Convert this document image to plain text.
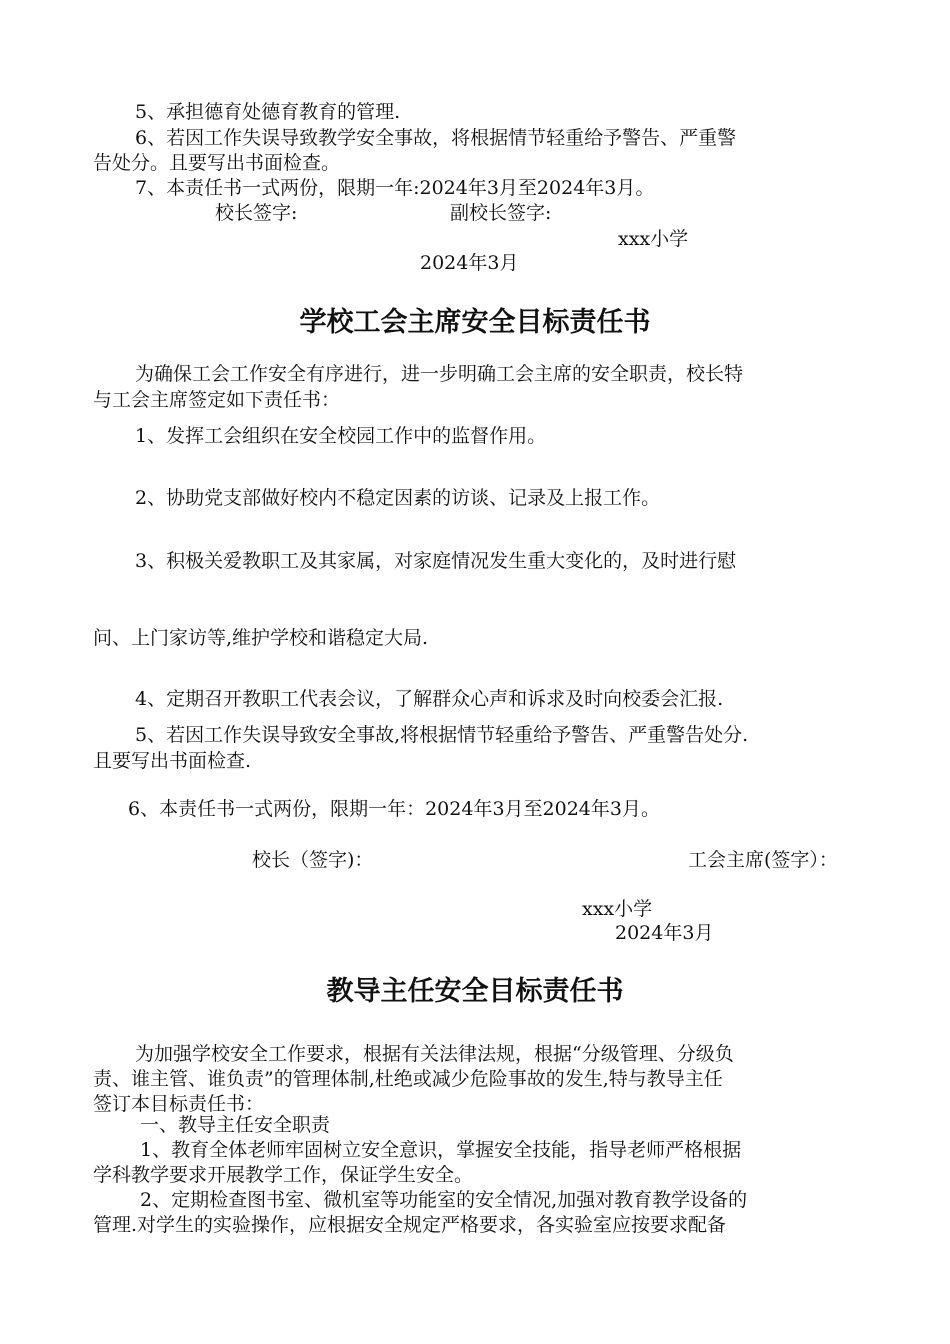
5、承担德育处德育教育的管理.
6、若因工作失误导致教学安全事故，将根据情节轻重给予警告、严重警
告处分。且要写出书面检查。
7、本责任书一式两份，限期一年:2024年3月至2024年3月。
校长签字:	副校长签字:
xxx小学
2024年3月
学校工会主席安全目标责任书
为确保工会工作安全有序进行，进一步明确工会主席的安全职责，校长特
与工会主席签定如下责任书：
1、发挥工会组织在安全校园工作中的监督作用。
2、协助党支部做好校内不稳定因素的访谈、记录及上报工作。
3、积极关爱教职工及其家属，对家庭情况发生重大变化的，及时进行慰
问、上门家访等,维护学校和谐稳定大局.
4、定期召开教职工代表会议，了解群众心声和诉求及时向校委会汇报.
5、若因工作失误导致安全事故,将根据情节轻重给予警告、严重警告处分.
且要写出书面检查.
6、本责任书一式两份，限期一年：2024年3月至2024年3月。
校长（签字)：	工会主席(签字）：
xxx小学
2024年3月
教导主任安全目标责任书
为加强学校安全工作要求，根据有关法律法规，根据“分级管理、分级负
责、谁主管、谁负责”的管理体制,杜绝或减少危险事故的发生,特与教导主任
签订本目标责任书：
一、教导主任安全职责
1、教育全体老师牢固树立安全意识，掌握安全技能，指导老师严格根据
学科教学要求开展教学工作，保证学生安全。
2、定期检查图书室、微机室等功能室的安全情况,加强对教育教学设备的
管理.对学生的实验操作，应根据安全规定严格要求，各实验室应按要求配备
